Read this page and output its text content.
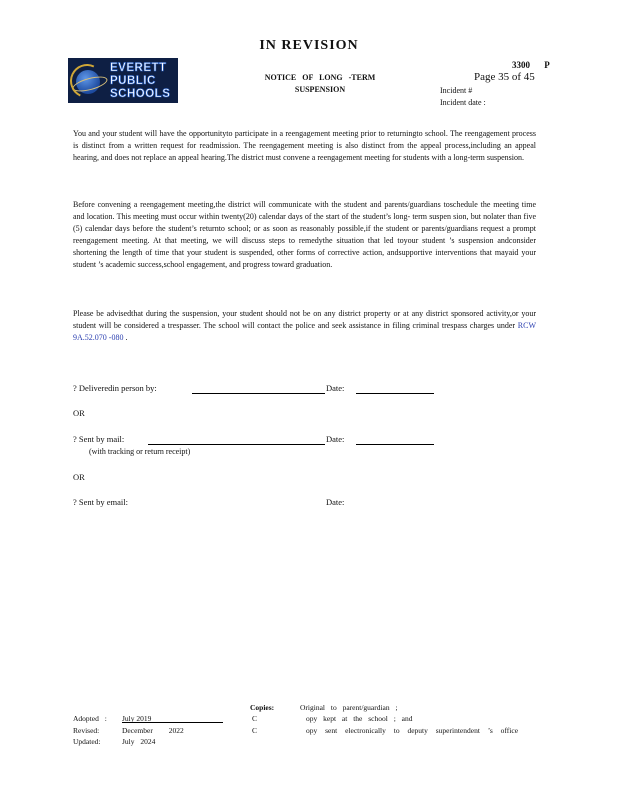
IN REVISION
3300 P
Page 35 of 45
Incident #
Incident date :
EVERETT
PUBLIC
SCHOOLS
NOTICE OF LONG -TERM
SUSPENSION
You and your student will have the opportunityto participate in a reengagement meeting prior to returningto school. The reengagement process is distinct from a written request for readmission. The reengagement meeting is also distinct from the appeal process,including an appeal hearing, and does not replace an appeal hearing.The district must convene a reengagement meeting for students with a long-term suspension.
Before convening a reengagement meeting,the district will communicate with the student and parents/guardians toschedule the meeting time and location. This meeting must occur within twenty(20) calendar days of the start of the student’s long- term suspen sion, but nolater than five (5) calendar days before the student’s returnto school; or as soon as reasonably possible,if the student or parents/guardians request a prompt reengagement meeting. At that meeting, we will discuss steps to remedythe situation that led toyour student ’s suspension andconsider shortening the length of time that your student is suspended, other forms of corrective action, andsupportive interventions that mayaid your student ’s academic success,school engagement, and progress toward graduation.
Please be advisedthat during the suspension, your student should not be on any district property or at any district sponsored activity,or your student will be considered a trespasser. The school will contact the police and seek assistance in filing criminal trespass charges under RCW 9A.52.070 -080 .
? Deliveredin person by:	Date:
OR
? Sent by mail:	Date:
(with tracking or return receipt)
OR
? Sent by email:	Date:
Copies:	Original to parent/guardian ;
Adopted : July 2019	C	opy kept at the school ; and
Revised:	December 2022	C	opy sent electronically to deputy superintendent ’s office
Updated:	July 2024
